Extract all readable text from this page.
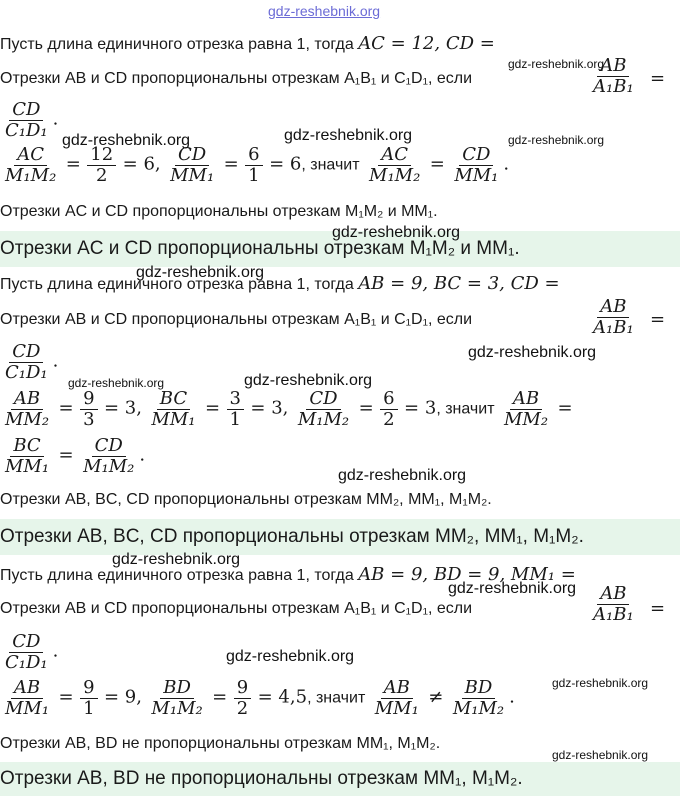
gdz-reshebnik.org
Пусть длина единичного отрезка равна 1, тогда AC = 12, CD =
Отрезки AB и CD пропорциональны отрезкам A₁B₁ и C₁D₁, если	$\frac{AB}{\text{A₁B₁}}$ =
$\frac{CD}{\text{C₁D₁}}$ .
$\frac{AC}{\text{M₁M₂}} = \frac{12}{2} = 6$, $\frac{CD}{\text{MM₁}} = \frac{6}{1} = 6$, значит $\frac{AC}{\text{M₁M₂}} = \frac{CD}{\text{MM₁}}$ .
Отрезки AC и CD пропорциональны отрезкам M₁M₂ и MM₁.
Отрезки AC и CD пропорциональны отрезкам M₁M₂ и MM₁.
Пусть длина единичного отрезка равна 1, тогда AB = 9, BC = 3, CD =
Отрезки AB и CD пропорциональны отрезкам A₁B₁ и C₁D₁, если	$\frac{AB}{\text{A₁B₁}}$ =
$\frac{CD}{\text{C₁D₁}}$ .
$\frac{AB}{\text{MM₂}} = \frac{9}{3} = 3$, $\frac{BC}{\text{MM₁}} = \frac{3}{1} = 3$, $\frac{CD}{\text{M₁M₂}} = \frac{6}{2} = 3$, значит $\frac{AB}{\text{MM₂}}$ =
$\frac{BC}{\text{MM₁}} = \frac{CD}{\text{M₁M₂}}$ .
Отрезки AB, BC, CD пропорциональны отрезкам MM₂, MM₁, M₁M₂.
Отрезки AB, BC, CD пропорциональны отрезкам MM₂, MM₁, M₁M₂.
Пусть длина единичного отрезка равна 1, тогда AB = 9, BD = 9, MM₁ =
Отрезки AB и CD пропорциональны отрезкам A₁B₁ и C₁D₁, если	$\frac{AB}{\text{A₁B₁}}$ =
$\frac{CD}{\text{C₁D₁}}$ .
$\frac{AB}{\text{MM₁}} = \frac{9}{1} = 9$, $\frac{BD}{\text{M₁M₂}} = \frac{9}{2} = 4,5$, значит $\frac{AB}{\text{MM₁}} \ne \frac{BD}{\text{M₁M₂}}$ .
Отрезки AB, BD не пропорциональны отрезкам MM₁, M₁M₂.
Отрезки AB, BD не пропорциональны отрезкам MM₁, M₁M₂.
gdz-reshebnik.org
gdz-reshebnik.org	gdz-reshebnik.org	gdz-reshebnik.org
gdz-reshebnik.org
gdz-reshebnik.org
gdz-reshebnik.org
gdz-reshebnik.org	gdz-reshebnik.org
gdz-reshebnik.org
gdz-reshebnik.org
gdz-reshebnik.org
gdz-reshebnik.org
gdz-reshebnik.org
gdz-reshebnik.org
